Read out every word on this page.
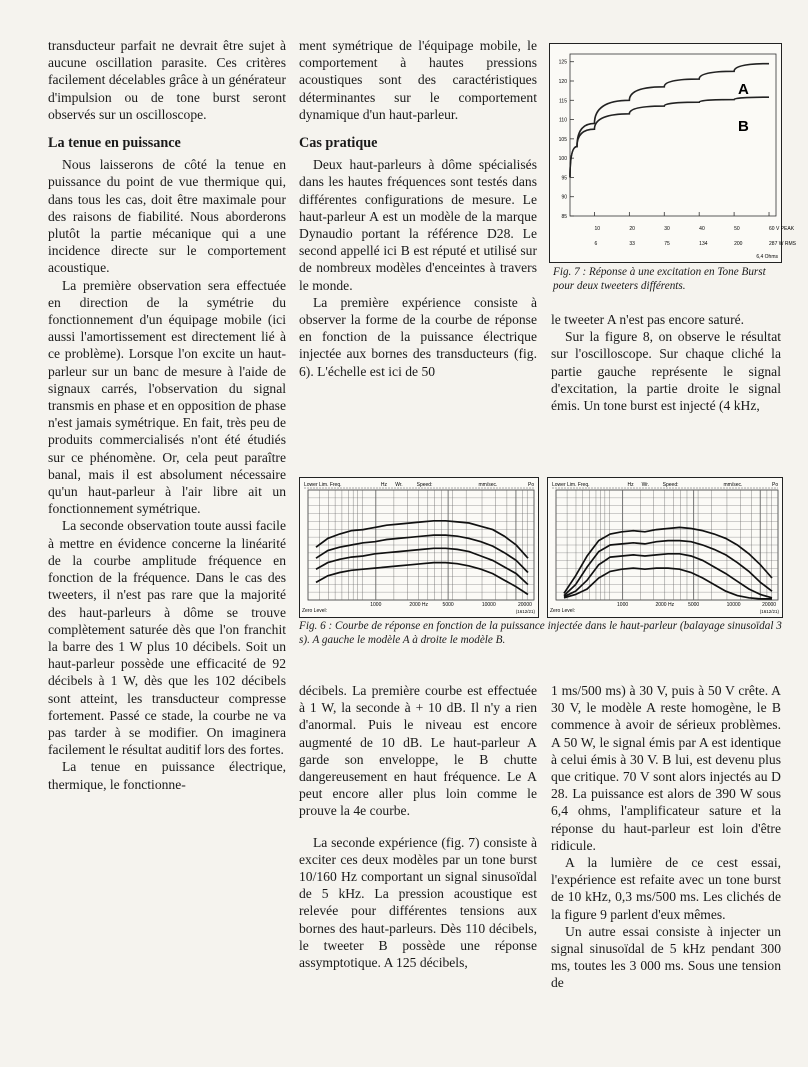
transducteur parfait ne devrait être sujet à aucune oscillation parasite. Ces critères facilement décelables grâce à un générateur d'impulsion ou de tone burst seront observés sur un oscilloscope.

La tenue en puissance

Nous laisserons de côté la tenue en puissance du point de vue thermique qui, dans tous les cas, doit être maximale pour des raisons de fiabilité. Nous aborderons plutôt la partie mécanique qui a une incidence directe sur le comportement acoustique.

La première observation sera effectuée en direction de la symétrie du fonctionnement d'un équipage mobile (ici aussi l'amortissement est directement lié à ce problème). Lorsque l'on excite un haut-parleur sur un banc de mesure à l'aide de signaux carrés, l'observation du signal transmis en phase et en opposition de phase n'est jamais symétrique. En fait, très peu de produits commercialisés n'ont été étudiés sur ce phénomène. Or, cela peut paraître banal, mais il est absolument nécessaire qu'un haut-parleur à l'air libre ait un fonctionnement symétrique.

La seconde observation toute aussi facile à mettre en évidence concerne la linéarité de la courbe amplitude fréquence en fonction de la fréquence. Dans le cas des tweeters, il n'est pas rare que la majorité des haut-parleurs à dôme se trouve complètement saturée dès que l'on franchit la barre des 1 W plus 10 décibels. Soit un haut-parleur possède une efficacité de 92 décibels à 1 W, dès que les 102 décibels sont atteint, les transducteur compresse fortement. Passé ce stade, la courbe ne va pas tarder à se modifier. On imaginera facilement le résultat auditif lors des fortes.

La tenue en puissance électrique, thermique, le fonctionne-

ment symétrique de l'équipage mobile, le comportement à hautes pressions acoustiques sont des caractéristiques déterminantes sur le comportement dynamique d'un haut-parleur.

Cas pratique

Deux haut-parleurs à dôme spécialisés dans les hautes fréquences sont testés dans différentes configurations de mesure. Le haut-parleur A est un modèle de la marque Dynaudio portant la référence D28. Le second appellé ici B est réputé et utilisé sur de nombreux modèles d'enceintes à travers le monde.

La première expérience consiste à observer la forme de la courbe de réponse en fonction de la puissance électrique injectée aux bornes des transducteurs (fig. 6). L'échelle est ici de 50

125
120
115
110
105
100
95
90
85
10
6
20
33
30
75
40
134
50
200
60 V PEAK
287 W RMS
A
B
6,4 Ohms
Fig. 7 : Réponse à une excitation en Tone Burst pour deux tweeters différents.

le tweeter A n'est pas encore saturé.

Sur la figure 8, on observe le résultat sur l'oscilloscope. Sur chaque cliché la partie gauche représente le signal d'excitation, la partie droite le signal émis. Un tone burst est injecté (4 kHz,

Lower Lim. Freq.	Hz Wr.	Speed:	mm/sec.	Po
1000	2000 Hz	5000	10000	20000
Zero Level:	(1612/21)
Lower Lim. Freq.	Hz Wr.	Speed:	mm/sec.	Po
1000	2000 Hz	5000	10000	20000
Zero Level:	(1612/21)
Fig. 6 : Courbe de réponse en fonction de la puissance injectée dans le haut-parleur (balayage sinusoïdal 3 s). A gauche le modèle A à droite le modèle B.

décibels. La première courbe est effectuée à 1 W, la seconde à + 10 dB. Il n'y a rien d'anormal. Puis le niveau est encore augmenté de 10 dB. Le haut-parleur A garde son enveloppe, le B chutte dangereusement en haut fréquence. Le A peut encore aller plus loin comme le prouve la 4e courbe.

La seconde expérience (fig. 7) consiste à exciter ces deux modèles par un tone burst 10/160 Hz comportant un signal sinusoïdal de 5 kHz. La pression acoustique est relevée pour différentes tensions aux bornes des haut-parleurs. Dès 110 décibels, le tweeter B possède une réponse assymptotique. A 125 décibels,

1 ms/500 ms) à 30 V, puis à 50 V crête. A 30 V, le modèle A reste homogène, le B commence à avoir de sérieux problèmes. A 50 W, le signal émis par A est identique à celui émis à 30 V. B lui, est devenu plus que critique. 70 V sont alors injectés au D 28. La puissance est alors de 390 W sous 6,4 ohms, l'amplificateur sature et la réponse du haut-parleur est loin d'être ridicule.

A la lumière de ce cest essai, l'expérience est refaite avec un tone burst de 10 kHz, 0,3 ms/500 ms. Les clichés de la figure 9 parlent d'eux mêmes.

Un autre essai consiste à injecter un signal sinusoïdal de 5 kHz pendant 300 ms, toutes les 3 000 ms. Sous une tension de
